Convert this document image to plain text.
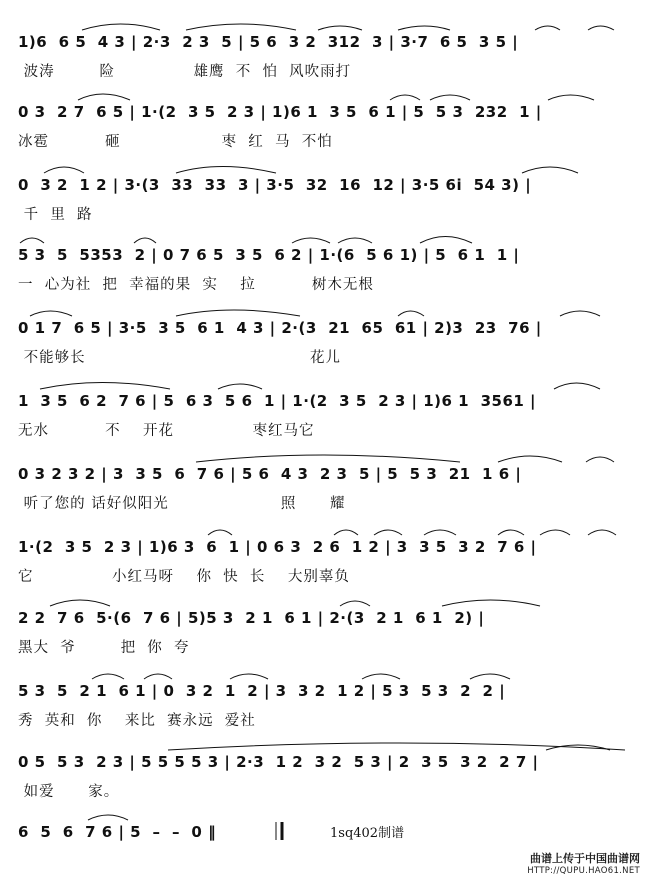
1)6  6 5  4 3 | 2·3  2 3  5 | 5 6  3 2  312  3 | 3·7  6 5  3 5 |
波涛        险              雄鹰  不  怕  风吹雨打
0 3  2 7  6 5 | 1·(2  3 5  2 3 | 1)6 1  3 5  6 1 | 5  5 3  232  1 |
冰雹          砸                  枣  红  马  不怕
0  3 2  1 2 | 3·(3  33  33  3 | 3·5  32  16  12 | 3·5 6i  54 3) |
千  里  路
5 3  5  5353  2 | 0 7 6 5  3 5  6 2 | 1·(6  5 6 1) | 5  6 1  1 |
一  心为社  把  幸福的果  实    拉          树木无根
0 1 7  6 5 | 3·5  3 5  6 1  4 3 | 2·(3  21  65  61 | 2)3  23  76 |
不能够长                                        花儿
1  3 5  6 2  7 6 | 5  6 3  5 6  1 | 1·(2  3 5  2 3 | 1)6 1  3561 |
无水          不    开花              枣红马它
0 3 2 3 2 | 3  3 5  6  7 6 | 5 6  4 3  2 3  5 | 5  5 3  21  1 6 |
听了您的 话好似阳光                    照      耀
1·(2  3 5  2 3 | 1)6 3  6  1 | 0 6 3  2 6  1 2 | 3  3 5  3 2  7 6 |
它              小红马呀    你  快  长    大别辜负
2 2  7 6  5·(6  7 6 | 5)5 3  2 1  6 1 | 2·(3  2 1  6 1  2) |
黑大  爷        把  你  夸
5 3  5  2 1  6 1 | 0  3 2  1  2 | 3  3 2  1 2 | 5 3  5 3  2  2 |
秀  英和  你    来比  赛永远  爱社
0 5  5 3  2 3 | 5 5 5 5 3 | 2·3  1 2  3 2  5 3 | 2  3 5  3 2  2 7 |
如爱      家。
6  5  6  7 6 | 5  –  –  0 ‖	1sq402制谱
曲谱上传于中国曲谱网
HTTP://QUPU.HAO61.NET
